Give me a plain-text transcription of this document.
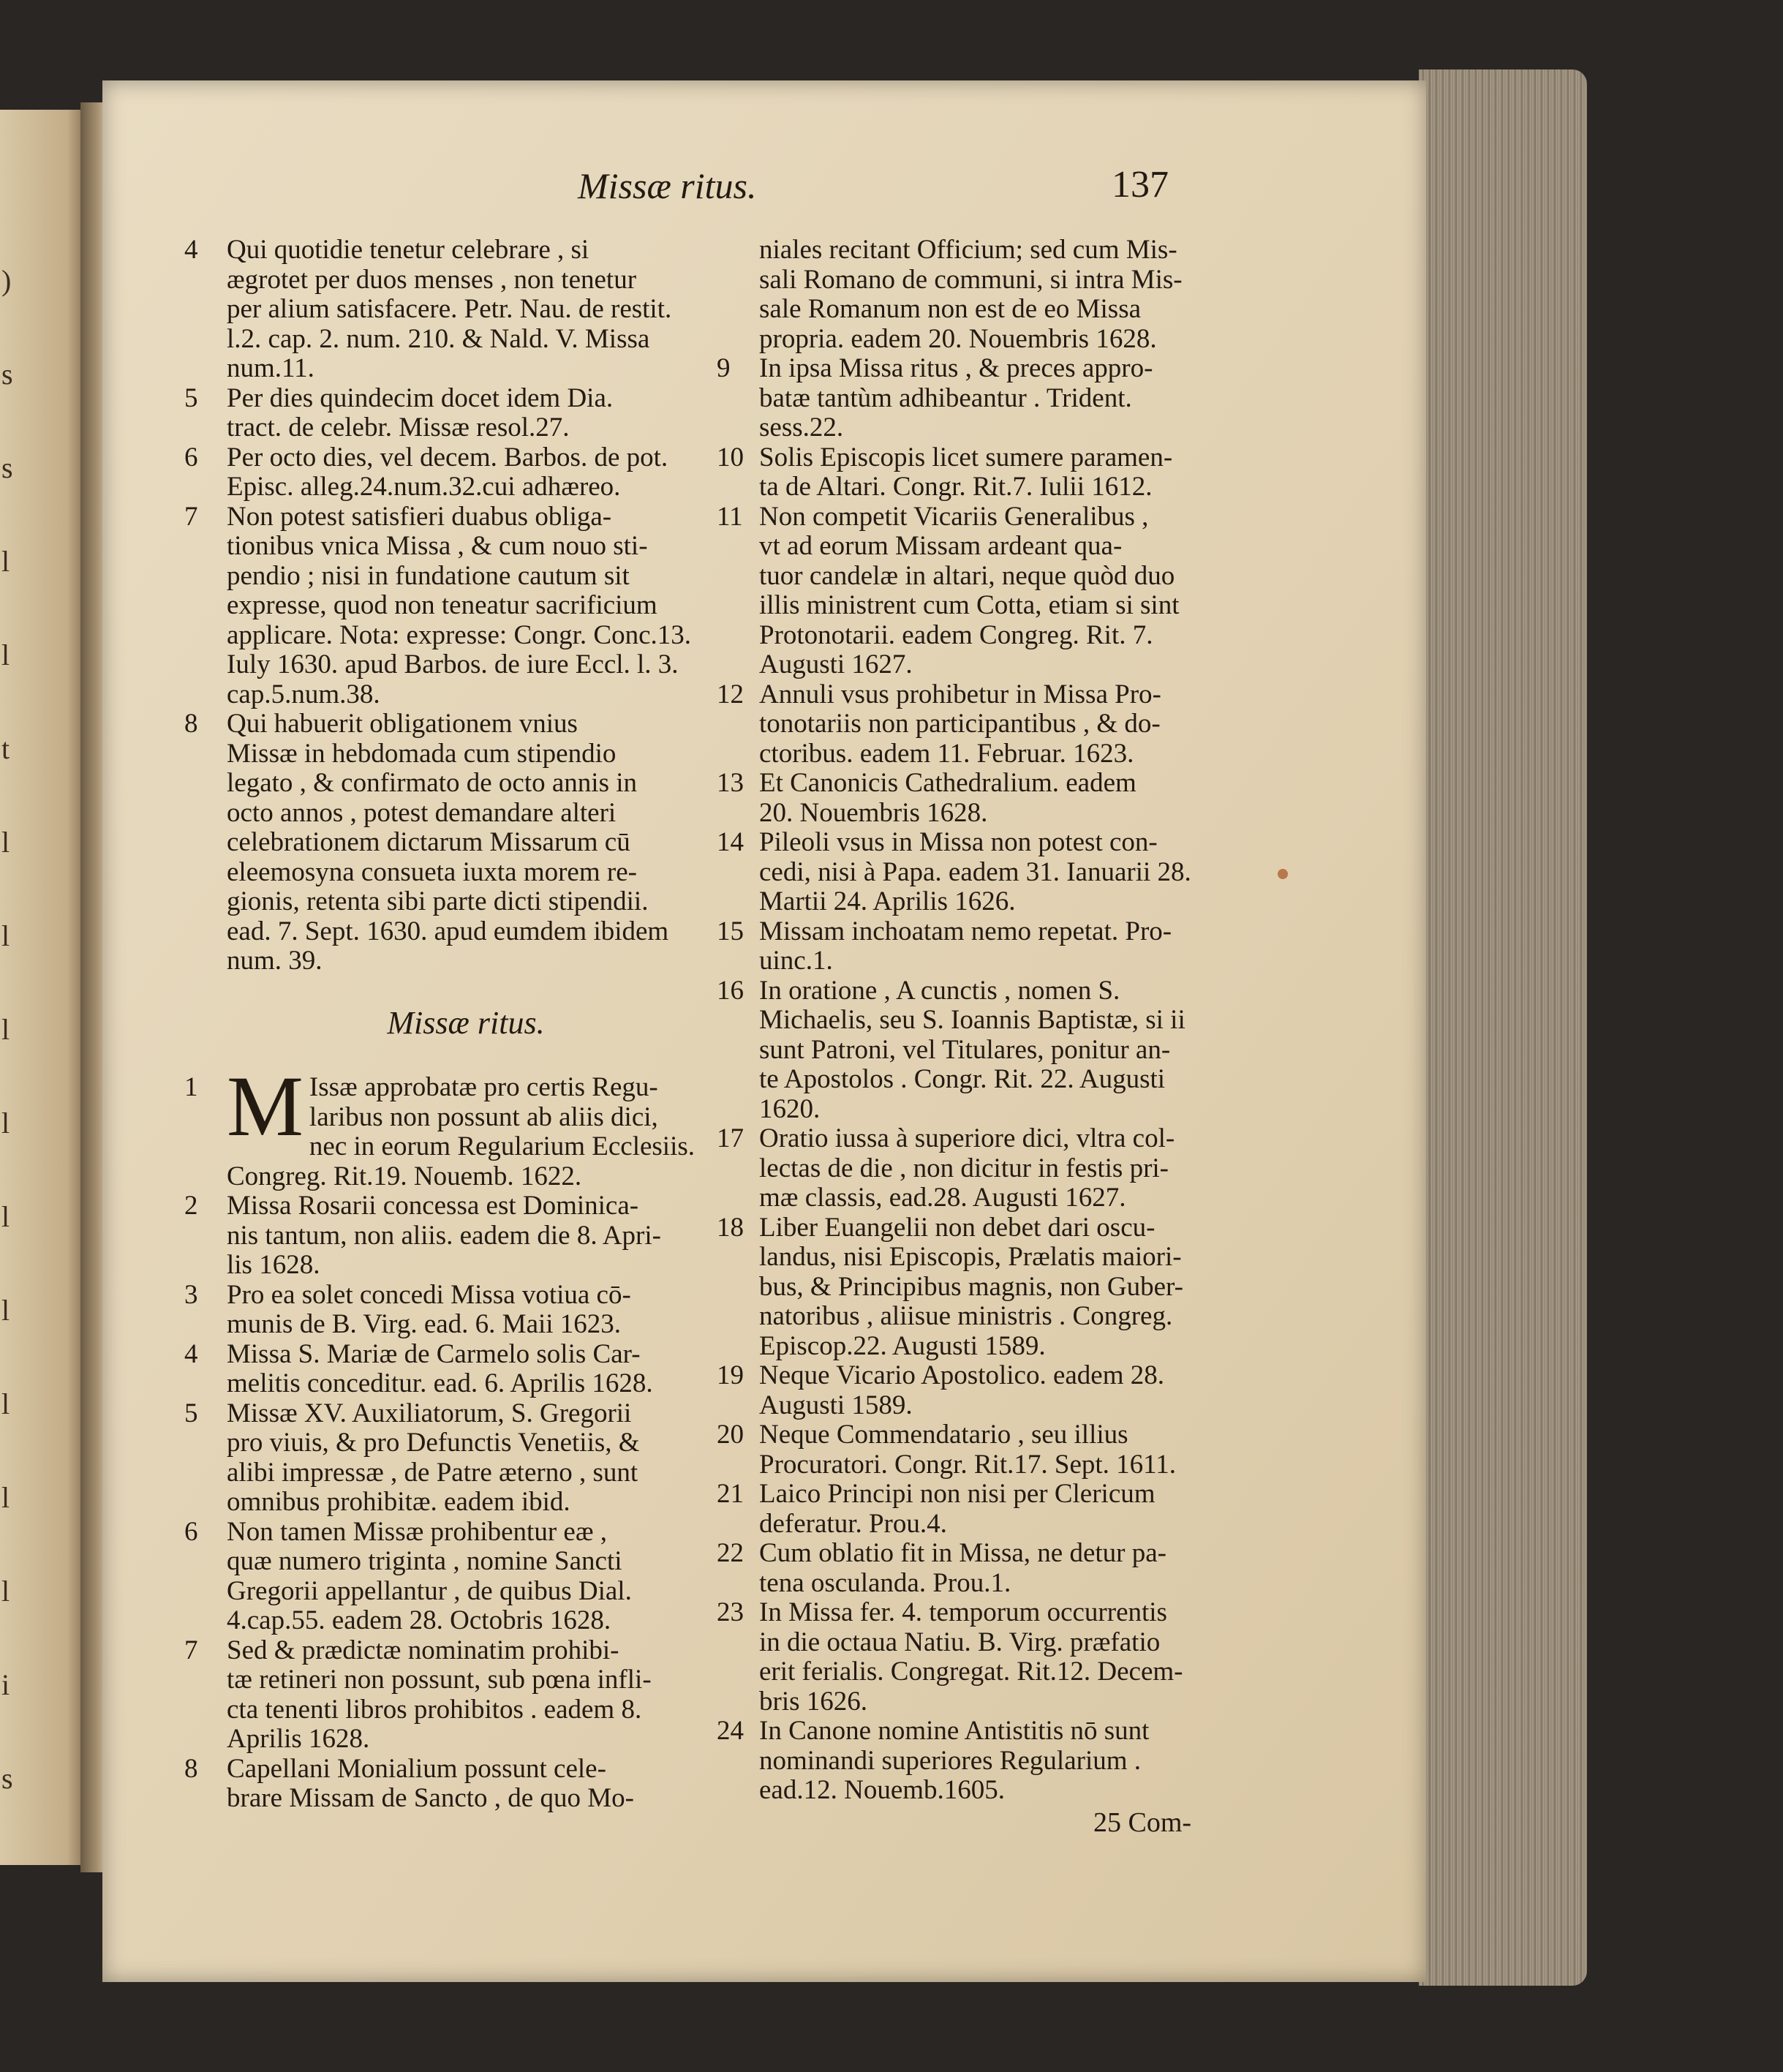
)
s
s
l
l
t
l
l
l
l
l
l
l
l
l
i
s
Missæ ritus.	137
4	Qui quotidie tenetur celebrare , si
ægrotet per duos menses , non tenetur
per alium satisfacere. Petr. Nau. de restit.
l.2. cap. 2. num. 210. & Nald. V. Missa
num.11.
5	Per dies quindecim docet idem Dia.
tract. de celebr. Missæ resol.27.
6	Per octo dies, vel decem. Barbos. de pot.
Episc. alleg.24.num.32.cui adhæreo.
7	Non potest satisfieri duabus obliga-
tionibus vnica Missa , & cum nouo sti-
pendio ; nisi in fundatione cautum sit
expresse, quod non teneatur sacrificium
applicare. Nota: expresse: Congr. Conc.13.
Iuly 1630. apud Barbos. de iure Eccl. l. 3.
cap.5.num.38.
8	Qui habuerit obligationem vnius
Missæ in hebdomada cum stipendio
legato , & confirmato de octo annis in
octo annos , potest demandare alteri
celebrationem dictarum Missarum cū
eleemosyna consueta iuxta morem re-
gionis, retenta sibi parte dicti stipendii.
ead. 7. Sept. 1630. apud eumdem ibidem
num. 39.
Missæ ritus.
1 M Issæ approbatæ pro certis Regu-
laribus non possunt ab aliis dici,
nec in eorum Regularium Ecclesiis.
Congreg. Rit.19. Nouemb. 1622.
2	Missa Rosarii concessa est Dominica-
nis tantum, non aliis. eadem die 8. Apri-
lis 1628.
3	Pro ea solet concedi Missa votiua cō-
munis de B. Virg. ead. 6. Maii 1623.
4	Missa S. Mariæ de Carmelo solis Car-
melitis conceditur. ead. 6. Aprilis 1628.
5	Missæ XV. Auxiliatorum, S. Gregorii
pro viuis, & pro Defunctis Venetiis, &
alibi impressæ , de Patre æterno , sunt
omnibus prohibitæ. eadem ibid.
6	Non tamen Missæ prohibentur eæ ,
quæ numero triginta , nomine Sancti
Gregorii appellantur , de quibus Dial.
4.cap.55. eadem 28. Octobris 1628.
7	Sed & prædictæ nominatim prohibi-
tæ retineri non possunt, sub pœna infli-
cta tenenti libros prohibitos . eadem 8.
Aprilis 1628.
8	Capellani Monialium possunt cele-
brare Missam de Sancto , de quo Mo-
niales recitant Officium; sed cum Mis-
sali Romano de communi, si intra Mis-
sale Romanum non est de eo Missa
propria. eadem 20. Nouembris 1628.
9	In ipsa Missa ritus , & preces appro-
batæ tantùm adhibeantur . Trident.
sess.22.
10 Solis Episcopis licet sumere paramen-
ta de Altari. Congr. Rit.7. Iulii 1612.
11 Non competit Vicariis Generalibus ,
vt ad eorum Missam ardeant qua-
tuor candelæ in altari, neque quòd duo
illis ministrent cum Cotta, etiam si sint
Protonotarii. eadem Congreg. Rit. 7.
Augusti 1627.
12 Annuli vsus prohibetur in Missa Pro-
tonotariis non participantibus , & do-
ctoribus. eadem 11. Februar. 1623.
13 Et Canonicis Cathedralium. eadem
20. Nouembris 1628.
14 Pileoli vsus in Missa non potest con-
cedi, nisi à Papa. eadem 31. Ianuarii 28.
Martii 24. Aprilis 1626.
15 Missam inchoatam nemo repetat. Pro-
uinc.1.
16 In oratione , A cunctis , nomen S.
Michaelis, seu S. Ioannis Baptistæ, si ii
sunt Patroni, vel Titulares, ponitur an-
te Apostolos . Congr. Rit. 22. Augusti
1620.
17 Oratio iussa à superiore dici, vltra col-
lectas de die , non dicitur in festis pri-
mæ classis, ead.28. Augusti 1627.
18 Liber Euangelii non debet dari oscu-
landus, nisi Episcopis, Prælatis maiori-
bus, & Principibus magnis, non Guber-
natoribus , aliisue ministris . Congreg.
Episcop.22. Augusti 1589.
19 Neque Vicario Apostolico. eadem 28.
Augusti 1589.
20 Neque Commendatario , seu illius
Procuratori. Congr. Rit.17. Sept. 1611.
21 Laico Principi non nisi per Clericum
deferatur. Prou.4.
22 Cum oblatio fit in Missa, ne detur pa-
tena osculanda. Prou.1.
23 In Missa fer. 4. temporum occurrentis
in die octaua Natiu. B. Virg. præfatio
erit ferialis. Congregat. Rit.12. Decem-
bris 1626.
24 In Canone nomine Antistitis nō sunt
nominandi superiores Regularium .
ead.12. Nouemb.1605.
25 Com-
